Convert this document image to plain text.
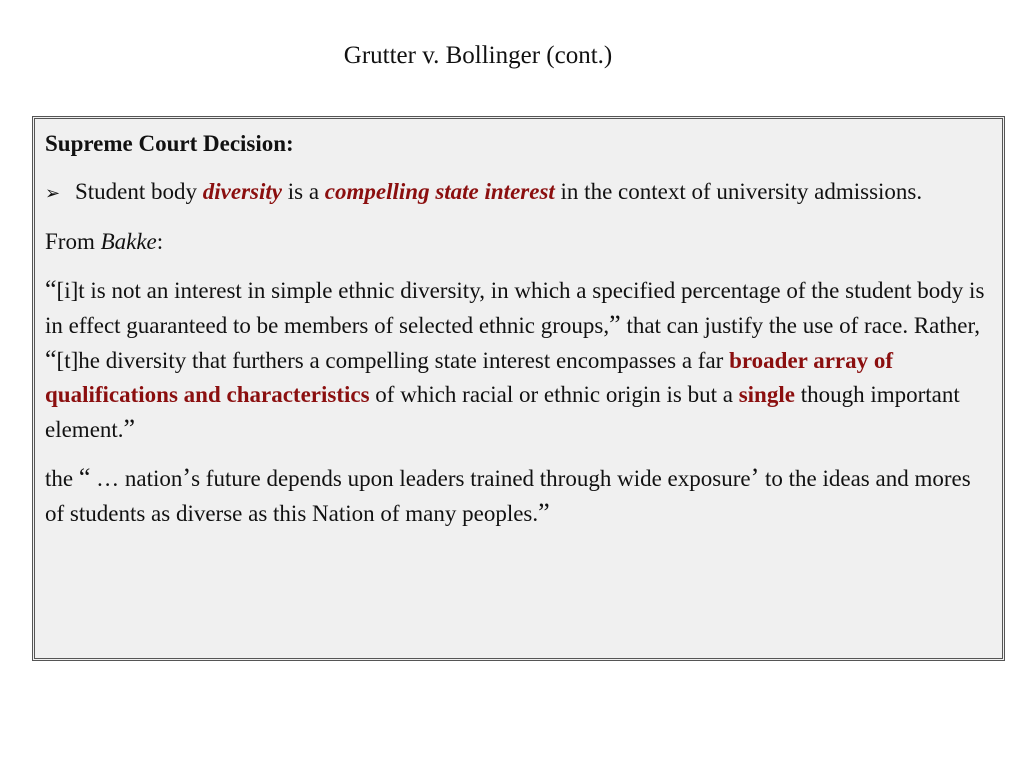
Grutter v. Bollinger (cont.)

Supreme Court Decision:

➢ Student body diversity is a compelling state interest in the context of university admissions.

From Bakke:

“[i]t is not an interest in simple ethnic diversity, in which a specified percentage of the student body is in effect guaranteed to be members of selected ethnic groups,” that can justify the use of race. Rather, “[t]he diversity that furthers a compelling state interest encompasses a far broader array of qualifications and characteristics of which racial or ethnic origin is but a single though important element.”

the “ … nation’s future depends upon leaders trained through wide exposure’ to the ideas and mores of students as diverse as this Nation of many peoples.”
